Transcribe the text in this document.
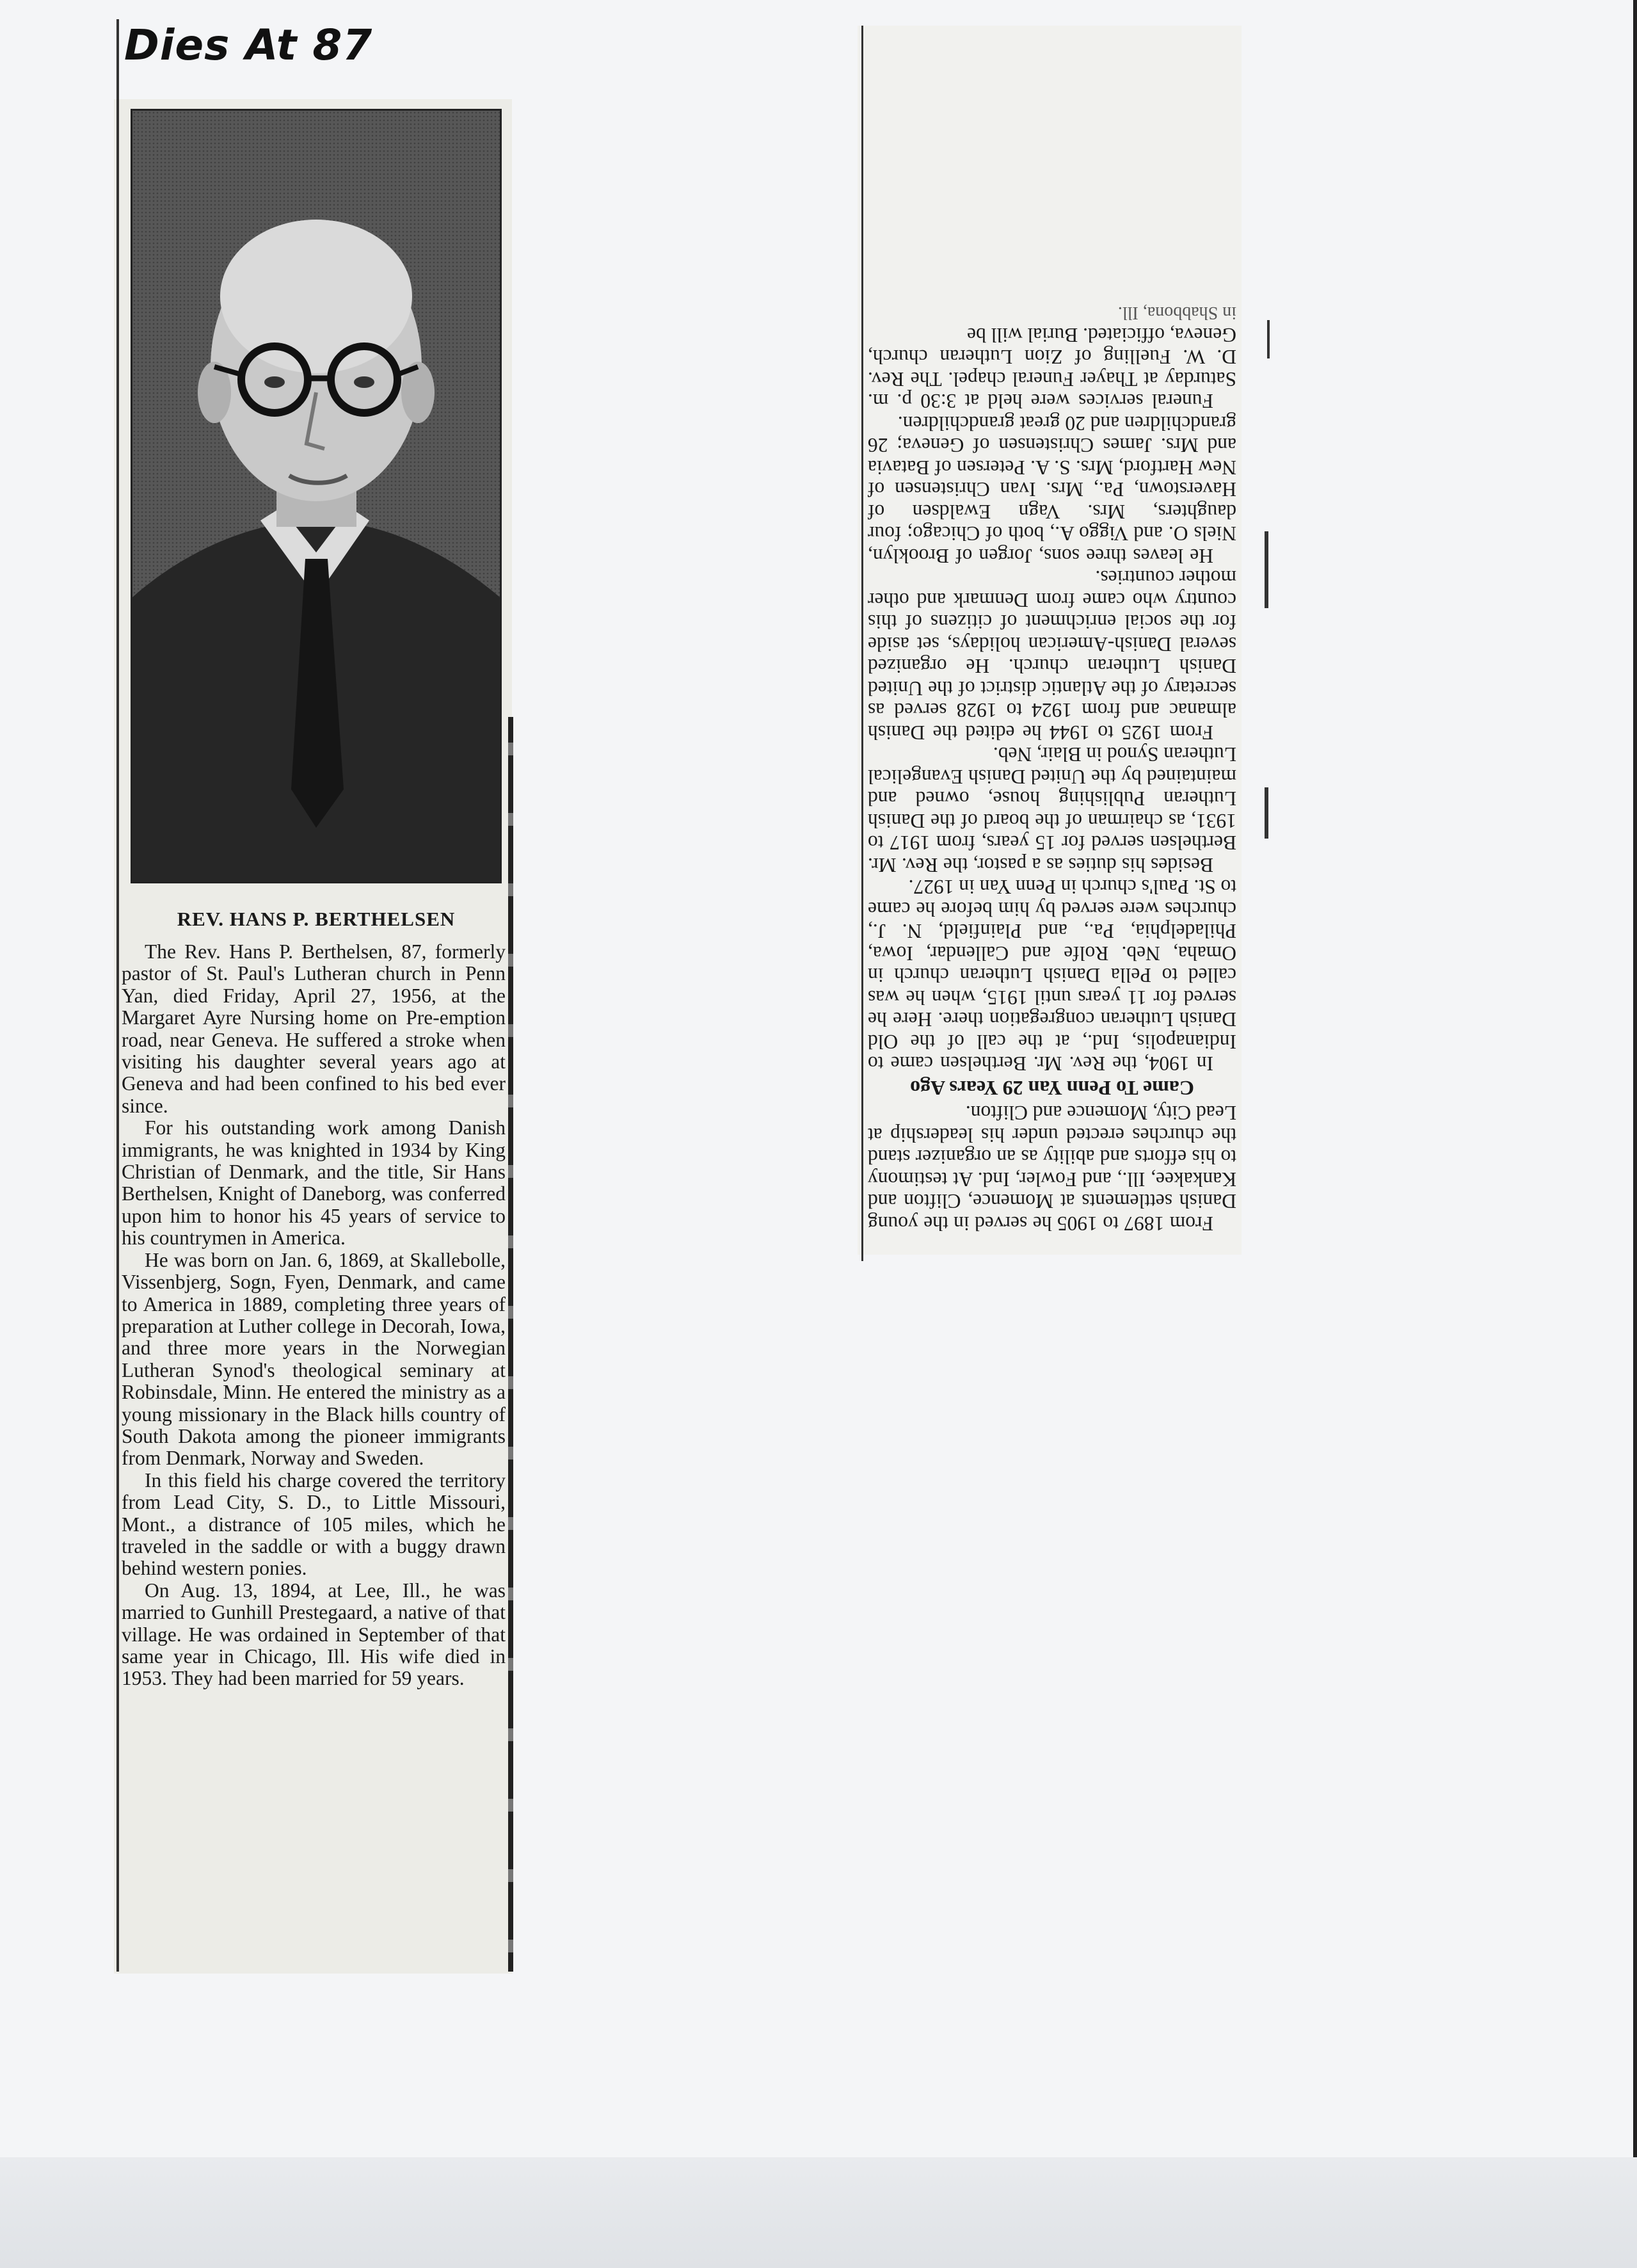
Dies At 87
REV. HANS P. BERTHELSEN

The Rev. Hans P. Berthelsen, 87, formerly pastor of St. Paul's Lutheran church in Penn Yan, died Friday, April 27, 1956, at the Margaret Ayre Nursing home on Pre-emption road, near Geneva. He suffered a stroke when visiting his daughter several years ago at Geneva and had been confined to his bed ever since.

For his outstanding work among Danish immigrants, he was knighted in 1934 by King Christian of Denmark, and the title, Sir Hans Berthelsen, Knight of Daneborg, was conferred upon him to honor his 45 years of service to his countrymen in America.

He was born on Jan. 6, 1869, at Skallebolle, Vissenbjerg, Sogn, Fyen, Denmark, and came to America in 1889, completing three years of preparation at Luther college in Decorah, Iowa, and three more years in the Norwegian Lutheran Synod's theological seminary at Robinsdale, Minn. He entered the ministry as a young missionary in the Black hills country of South Dakota among the pioneer immigrants from Denmark, Norway and Sweden.

In this field his charge covered the territory from Lead City, S. D., to Little Missouri, Mont., a distrance of 105 miles, which he traveled in the saddle or with a buggy drawn behind western ponies.

On Aug. 13, 1894, at Lee, Ill., he was married to Gunhill Prestegaard, a native of that village. He was ordained in September of that same year in Chicago, Ill. His wife died in 1953. They had been married for 59 years.

From 1897 to 1905 he served in the young Danish settlements at Momence, Clifton and Kankakee, Ill., and Fowler, Ind. At testimony to his efforts and ability as an organizer stand the churches erected under his leadership at Lead City, Momence and Clifton.

Came To Penn Yan 29 Years Ago

In 1904, the Rev. Mr. Berthelsen came to Indianapolis, Ind., at the call of the Old Danish Lutheran congregation there. Here he served for 11 years until 1915, when he was called to Pella Danish Lutheran church in Omaha, Neb. Rolfe and Callendar, Iowa, Philadelphia, Pa., and Plainfield, N. J., churches were served by him before he came to St. Paul's church in Penn Yan in 1927.

Besides his duties as a pastor, the Rev. Mr. Berthelsen served for 15 years, from 1917 to 1931, as chairman of the board of the Danish Lutheran Publishing house, owned and maintained by the United Danish Evangelical Lutheran Synod in Blair, Neb.

From 1925 to 1944 he edited the Danish almanac and from 1924 to 1928 served as secretary of the Atlantic district of the United Danish Lutheran church. He organized several Danish-American holidays, set aside for the social enrichment of citizens of this country who came from Denmark and other mother countries.

He leaves three sons, Jorgen of Brooklyn, Niels O. and Viggo A., both of Chicago; four daughters, Mrs. Vagn Ewaldsen of Haverstown, Pa., Mrs. Ivan Christensen of New Hartford, Mrs. S. A. Petersen of Batavia and Mrs. James Christensen of Geneva; 26 grandchildren and 20 great grandchildren.

Funeral services were held at 3:30 p. m. Saturday at Thayer Funeral chapel. The Rev. D. W. Fuelling of Zion Lutheran church, Geneva, officiated. Burial will be

in Shabbona, Ill.
